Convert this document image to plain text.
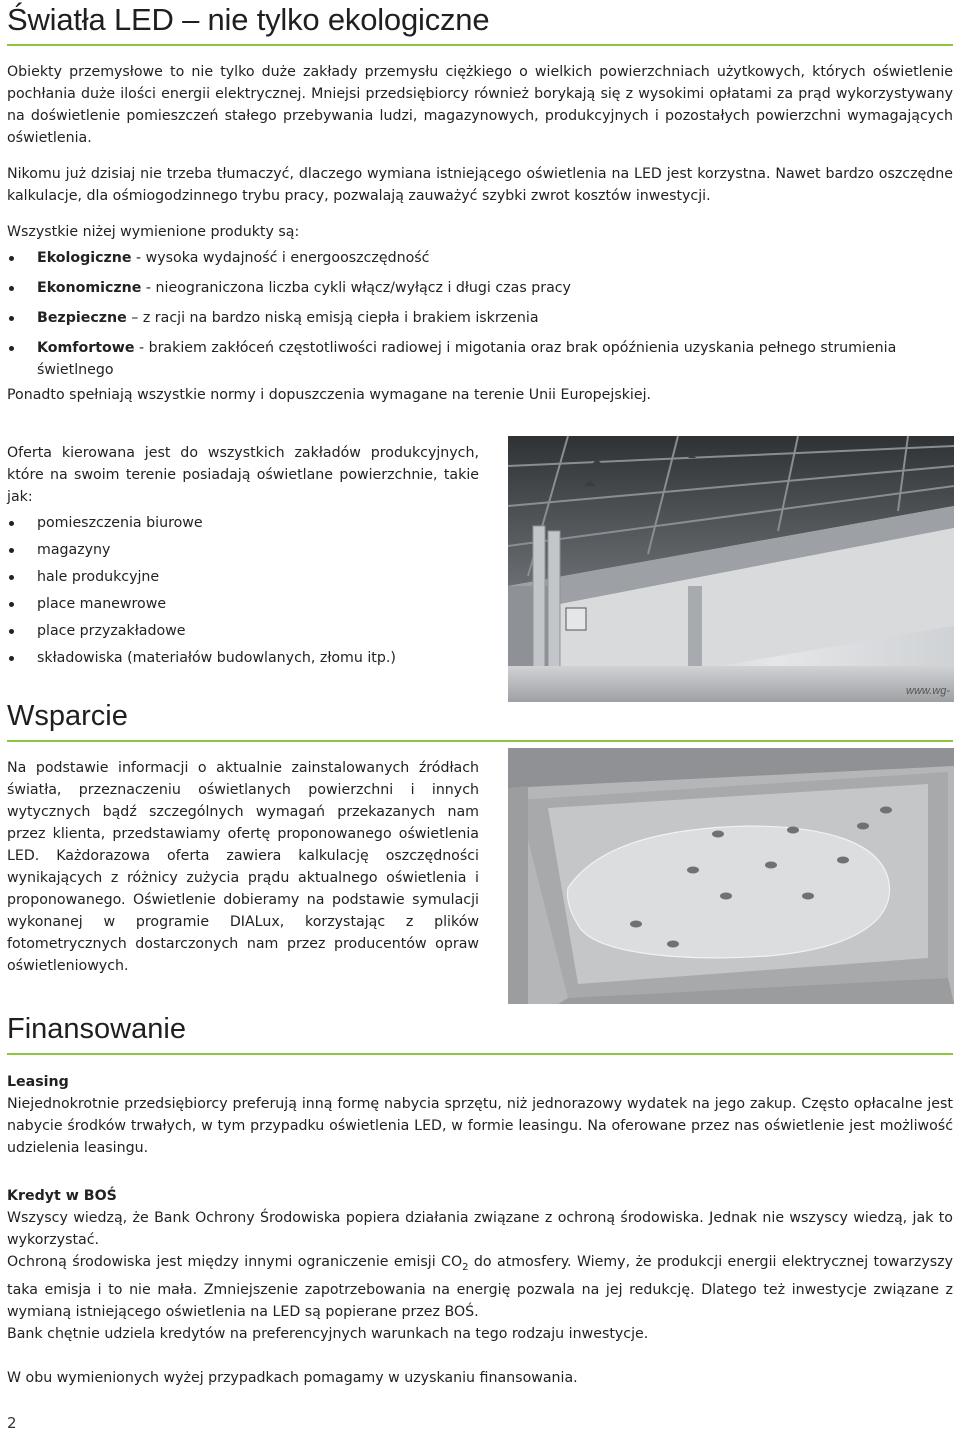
Światła LED – nie tylko ekologiczne

Obiekty przemysłowe to nie tylko duże zakłady przemysłu ciężkiego o wielkich powierzchniach użytkowych, których oświetlenie pochłania duże ilości energii elektrycznej. Mniejsi przedsiębiorcy również borykają się z wysokimi opłatami za prąd wykorzystywany na doświetlenie pomieszczeń stałego przebywania ludzi, magazynowych, produkcyjnych i pozostałych powierzchni wymagających oświetlenia.

Nikomu już dzisiaj nie trzeba tłumaczyć, dlaczego wymiana istniejącego oświetlenia na LED jest korzystna. Nawet bardzo oszczędne kalkulacje, dla ośmiogodzinnego trybu pracy, pozwalają zauważyć szybki zwrot kosztów inwestycji.

Wszystkie niżej wymienione produkty są:

Ekologiczne - wysoka wydajność i energooszczędność
Ekonomiczne - nieograniczona liczba cykli włącz/wyłącz i długi czas pracy
Bezpieczne – z racji na bardzo niską emisją ciepła i brakiem iskrzenia
Komfortowe - brakiem zakłóceń częstotliwości radiowej i migotania oraz brak opóźnienia uzyskania pełnego strumienia świetlnego

Ponadto spełniają wszystkie normy i dopuszczenia wymagane na terenie Unii Europejskiej.

Oferta kierowana jest do wszystkich zakładów produkcyjnych, które na swoim terenie posiadają oświetlane powierzchnie, takie jak:

pomieszczenia biurowe
magazyny
hale produkcyjne
place manewrowe
place przyzakładowe
składowiska (materiałów budowlanych, złomu itp.)
www.wg-
Wsparcie

Na podstawie informacji o aktualnie zainstalowanych źródłach światła, przeznaczeniu oświetlanych powierzchni i innych wytycznych bądź szczególnych wymagań przekazanych nam przez klienta, przedstawiamy ofertę proponowanego oświetlenia LED. Każdorazowa oferta zawiera kalkulację oszczędności wynikających z różnicy zużycia prądu aktualnego oświetlenia i proponowanego. Oświetlenie dobieramy na podstawie symulacji wykonanej w programie DIALux, korzystając z plików fotometrycznych dostarczonych nam przez producentów opraw oświetleniowych.

Finansowanie

Leasing

Niejednokrotnie przedsiębiorcy preferują inną formę nabycia sprzętu, niż jednorazowy wydatek na jego zakup. Często opłacalne jest nabycie środków trwałych, w tym przypadku oświetlenia LED, w formie leasingu. Na oferowane przez nas oświetlenie jest możliwość udzielenia leasingu.

Kredyt w BOŚ

Wszyscy wiedzą, że Bank Ochrony Środowiska popiera działania związane z ochroną środowiska. Jednak nie wszyscy wiedzą, jak to wykorzystać.

Ochroną środowiska jest między innymi ograniczenie emisji $CO_2$ do atmosfery. Wiemy, że produkcji energii elektrycznej towarzyszy taka emisja i to nie mała. Zmniejszenie zapotrzebowania na energię pozwala na jej redukcję. Dlatego też inwestycje związane z wymianą istniejącego oświetlenia na LED są popierane przez BOŚ.

Bank chętnie udziela kredytów na preferencyjnych warunkach na tego rodzaju inwestycje.

W obu wymienionych wyżej przypadkach pomagamy w uzyskaniu finansowania.

2
